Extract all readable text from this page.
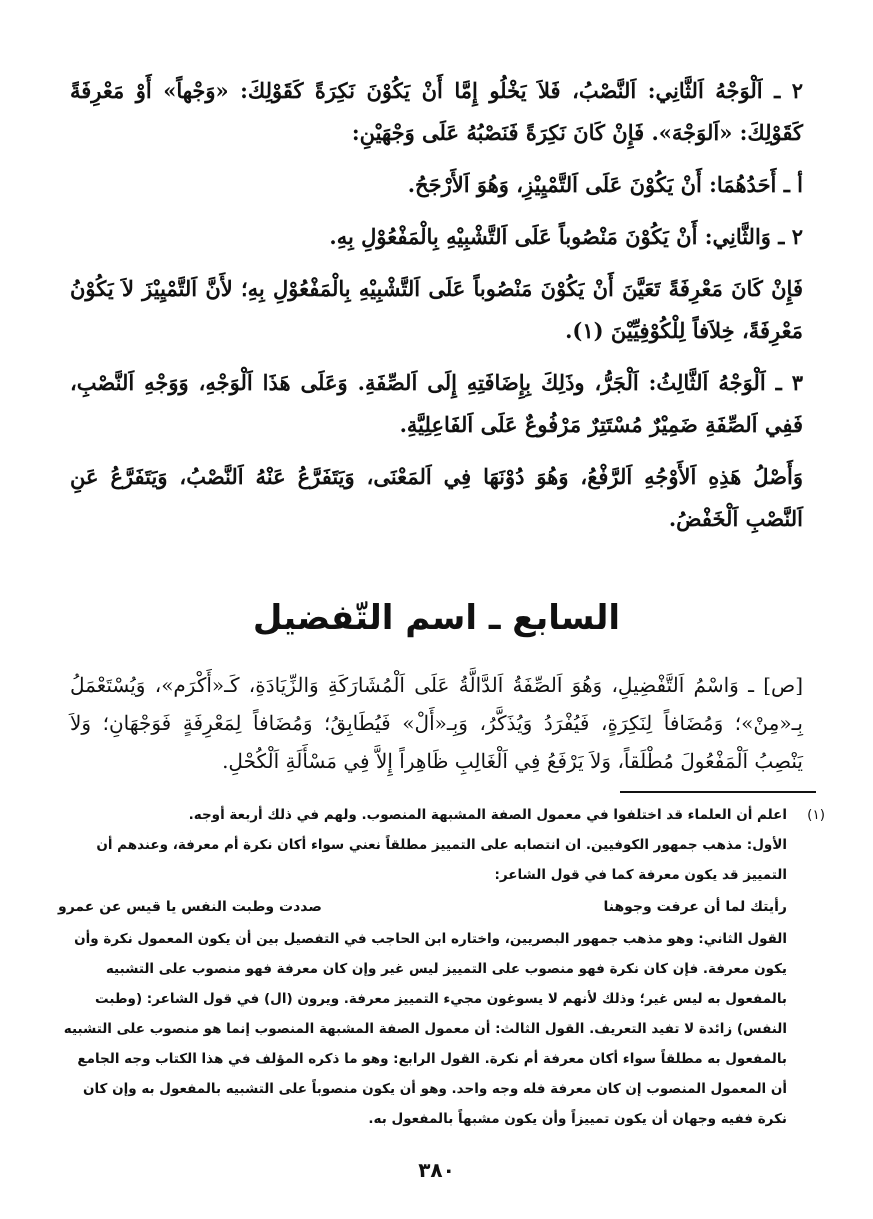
٢ ـ اَلْوَجْهُ اَلثَّانِي: اَلنَّصْبُ، فَلاَ يَخْلُو إِمَّا أَنْ يَكُوْنَ نَكِرَةً كَقَوْلِكَ: «وَجْهاً» أَوْ مَعْرِفَةً كَقَوْلِكَ: «اَلوَجْهَ». فَإِنْ كَانَ نَكِرَةً فَنَصْبُهُ عَلَى وَجْهَيْنِ:

أ ـ أَحَدُهُمَا: أَنْ يَكُوْنَ عَلَى اَلتَّمْيِيْزِ، وَهُوَ اَلأَرْجَحُ.

٢ ـ وَالثَّانِي: أَنْ يَكُوْنَ مَنْصُوباً عَلَى اَلتَّشْبِيْهِ بِالْمَفْعُوْلِ بِهِ.

فَإِنْ كَانَ مَعْرِفَةً تَعَيَّنَ أَنْ يَكُوْنَ مَنْصُوباً عَلَى اَلتَّشْبِيْهِ بِالْمَفْعُوْلِ بِهِ؛ لأَنَّ اَلتَّمْيِيْزَ لاَ يَكُوْنُ مَعْرِفَةً، خِلاَفاً لِلْكُوْفِيِّيْنَ (١).

٣ ـ اَلْوَجْهُ اَلثَّالِثُ: اَلْجَرُّ، وذَلِكَ بِإِضَافَتِهِ إِلَى اَلصِّفَةِ. وَعَلَى هَذَا اَلْوَجْهِ، وَوَجْهِ اَلنَّصْبِ، فَفِي اَلصِّفَةِ ضَمِيْرٌ مُسْتَتِرٌ مَرْفُوعٌ عَلَى اَلفَاعِلِيَّةِ.

وَأَصْلُ هَذِهِ اَلأَوْجُهِ اَلرَّفْعُ، وَهُوَ دُوْنَهَا فِي اَلمَعْنَى، وَيَتَفَرَّعُ عَنْهُ اَلنَّصْبُ، وَيَتَفَرَّعُ عَنِ اَلنَّصْبِ اَلْخَفْضُ.

السابع ـ اسم التّفضيل

[ص] ـ وَاسْمُ اَلتَّفْضِيلِ، وَهُوَ اَلصِّفَةُ اَلدَّالَّةُ عَلَى اَلْمُشَارَكَةِ وَالزِّيَادَةِ، كَـ«أَكْرَم»، وَيُسْتَعْمَلُ بِـ«مِنْ»؛ وَمُضَافاً لِنَكِرَةٍ، فَيُفْرَدُ وَيُذَكَّرُ، وَبِـ«أَلْ» فَيُطَابِقُ؛ وَمُضَافاً لِمَعْرِفَةٍ فَوَجْهَانِ؛ وَلاَ يَنْصِبُ اَلْمَفْعُولَ مُطْلَقاً، وَلاَ يَرْفَعُ فِي اَلْغَالِبِ ظَاهِراً إِلاَّ فِي مَسْأَلَةِ اَلْكُحْلِ.

(١)
اعلم أن العلماء قد اختلفوا في معمول الصفة المشبهة المنصوب. ولهم في ذلك أربعة أوجه.
الأول: مذهب جمهور الكوفيين. ان انتصابه على التمييز مطلقاً نعني سواء أكان نكرة أم معرفة، وعندهم أن التمييز قد يكون معرفة كما في قول الشاعر:
رأيتك لما أن عرفت وجوهنا
صددت وطبت النفس يا قيس عن عمرو
القول الثاني: وهو مذهب جمهور البصريين، واختاره ابن الحاجب في التفصيل بين أن يكون المعمول نكرة وأن يكون معرفة. فإن كان نكرة فهو منصوب على التمييز ليس غير وإن كان معرفة فهو منصوب على التشبيه بالمفعول به ليس غير؛ وذلك لأنهم لا يسوغون مجيء التمييز معرفة. ويرون (ال) في قول الشاعر: (وطبت النفس) زائدة لا تفيد التعريف. القول الثالث: أن معمول الصفة المشبهة المنصوب إنما هو منصوب على التشبيه بالمفعول به مطلقاً سواء أكان معرفة أم نكرة. القول الرابع: وهو ما ذكره المؤلف في هذا الكتاب وجه الجامع أن المعمول المنصوب إن كان معرفة فله وجه واحد. وهو أن يكون منصوباً على التشبيه بالمفعول به وإن كان نكرة ففيه وجهان أن يكون تمييزاً وأن يكون مشبهاً بالمفعول به.
٣٨٠
